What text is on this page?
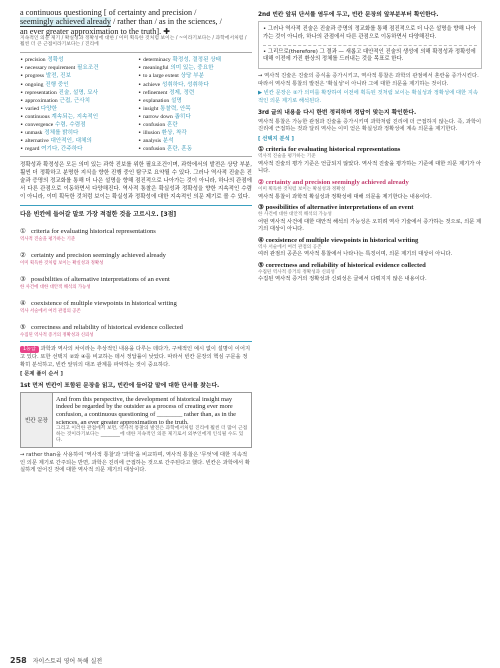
a continuous questioning [ of certainty and precision /

seemingly achieved already / rather than / as in the sciences, /

an ever greater approximation to the truth]. ✚

지속적인 의문 제기 / 확실성과 정확성에 대한 / 이미 획득한 것처럼 보이는 / ~이라기보다는 / 과학에서처럼 / 훨씬 더 큰 근접이라기보다는 / 진리에
• precision 정확성	• determinacy 확정성, 결정된 상태
• necessary requirement 필요조건	• meaningful 의미 있는, 중요한
• progress 발전, 진보	• to a large extent 상당 부분
• ongoing 진행 중인	• achieve 성취하다, 성취하다
• representation 진술, 설명, 묘사	• refinement 정제, 정련
• approximation 근접, 근사치	• explanation 설명
• varied 다양한	• insight 통찰력, 안목
• continuous 계속되는, 지속적인	• narrow down 좁히다
• convergence 수렴, 수렴점	• confusion 혼란
• unmask 정체를 밝히다	• illusion 환상, 착각
• alternative 대안적인, 대체의	• analysis 분석
• regard 여기다, 간주하다	• confusion 혼란, 혼동

정확성과 확정성은 모든 의미 있는 과학 진보를 위한 필요조건이며, 과학에서의 발전은 상당 부분, 훨씬 더 정확하고 분명한 지식을 향한 진행 중인 탐구로 요약될 수 있다. 그러나 역사적 진술은 진술과 증명의 정교화를 통해 더 나은 설명을 향해 점진적으로 나아가는 것이 아니라, 하나의 관점에서 다른 관점으로 이동하면서 다양해진다. 역사적 통찰은 확실성과 정확성을 향한 지속적인 수렴이 아니라, 이미 획득한 것처럼 보이는 확실성과 정확성에 대한 지속적인 의문 제기로 볼 수 있다.

다음 빈칸에 들어갈 말로 가장 적절한 것을 고르시오. [3점]
① criteria for evaluating historical representations
역사적 진술을 평가하는 기준
② certainty and precision seemingly achieved already
이미 획득한 것처럼 보이는 확실성과 정확성
③ possibilities of alternative interpretations of an event
한 사건에 대한 대안적 해석의 가능성
④ coexistence of multiple viewpoints in historical writing
역사 서술에서 여러 관점의 공존
⑤ correctness and reliability of historical evidence collected
수집된 역사적 증거의 정확성과 신뢰성
1등급 과학과 역사의 차이라는 추상적인 내용을 다루는 데다가, 구체적인 예시 없이 설명이 이어지고 있다. 또한 선택지 ②와 ④를 비교하는 데서 정답률이 낮았다. 따라서 빈칸 문장의 핵심 구문을 정확히 분석하고, 빈칸 앞뒤의 대조 관계를 파악하는 것이 중요하다.
[ 문제 풀이 순서 ]
1st 먼저 빈칸이 포함된 문장을 읽고, 빈칸에 들어갈 말에 대한 단서를 찾는다.
빈칸 문장
And from this perspective, the development of historical insight may indeed be regarded by the outsider as a process of creating ever more confusion, a continuous questioning of ________ rather than, as in the sciences, an ever greater approximation to the truth.
그리고 이러한 관점에서 보면, 역사적 통찰의 발전은 과학에서처럼 진리에 훨씬 더 많이 근접하는 것이라기보다는 ________에 대한 지속적인 의문 제기로서 외부인에게 인식될 수도 있다.
→ rather than을 사용하여 '역사적 통찰'과 '과학'을 비교하며, 역사적 통찰은 '무엇'에 대한 지속적인 의문 제기로 간주되는 반면, 과학은 진리에 근접하는 것으로 간주된다고 했다. 빈칸은 과학에서 확실하게 얻어진 것에 대한 역사적 의문 제기의 대상이다.
2nd 빈칸 앞뒤 단서를 염두에 두고, 빈칸 문장의 앞부분부터 확인한다.
• 그러나 역사적 진술은 진술과 증명의 정교화를 통해 점진적으로 더 나은 설명을 향해 나아가는 것이 아니라, 하나의 관점에서 다른 관점으로 이동하면서 다양해진다.
• 그리므로(therefore) 그 결과 — 새롭고 대안적인 진술의 생성에 의해 확정성과 정확성에 대해 이전에 가진 환상의 정체를 드러내는 것을 목표로 한다.
→ 역사적 진술은 진술의 증식을 증가시키고, 역사적 통찰은 과학의 관점에서 혼란을 증가시킨다. 따라서 역사적 통찰의 발전은 '확실성'이 아니라 그에 대한 의문을 제기하는 것이다.
▶ 빈칸 문장은 ②가 의미를 확장하여 이전에 획득된 것처럼 보이는 확실성과 정확성에 대한 지속적인 의문 제기로 해석된다.
3rd 글의 내용을 다시 한번 정리하며 정답이 맞는지 확인한다.
역사적 통찰은 가능한 관점과 진술을 증가시키며 과학처럼 진리에 더 근접하지 않는다. 즉, 과학이 진리에 근접하는 것과 달리 역사는 이미 얻은 확실성과 정확성에 계속 의문을 제기한다.
[ 선택지 분석 ]
① criteria for evaluating historical representations
역사적 진술을 평가하는 기준
역사적 진술의 평가 기준은 언급되지 않았다. 역사적 진술을 평가하는 기준에 대한 의문 제기가 아니다.
② certainty and precision seemingly achieved already
이미 획득한 것처럼 보이는 확실성과 정확성
역사적 통찰이 과학적 확실성과 정확성에 대해 의문을 제기한다는 내용이다.
③ possibilities of alternative interpretations of an event
한 사건에 대한 대안적 해석의 가능성
어떤 역사적 사건에 대한 대안적 해석의 가능성은 오히려 역사 기술에서 증가하는 것으로, 의문 제기의 대상이 아니다.
④ coexistence of multiple viewpoints in historical writing
역사 서술에서 여러 관점의 공존
여러 관점의 공존은 역사적 통찰에서 나타나는 특징이며, 의문 제기의 대상이 아니다.
⑤ correctness and reliability of historical evidence collected
수집된 역사적 증거의 정확성과 신뢰성
수집된 역사적 증거의 정확성과 신뢰성은 글에서 다뤄지지 않은 내용이다.
258 자이스토리 영어 독해 실전
